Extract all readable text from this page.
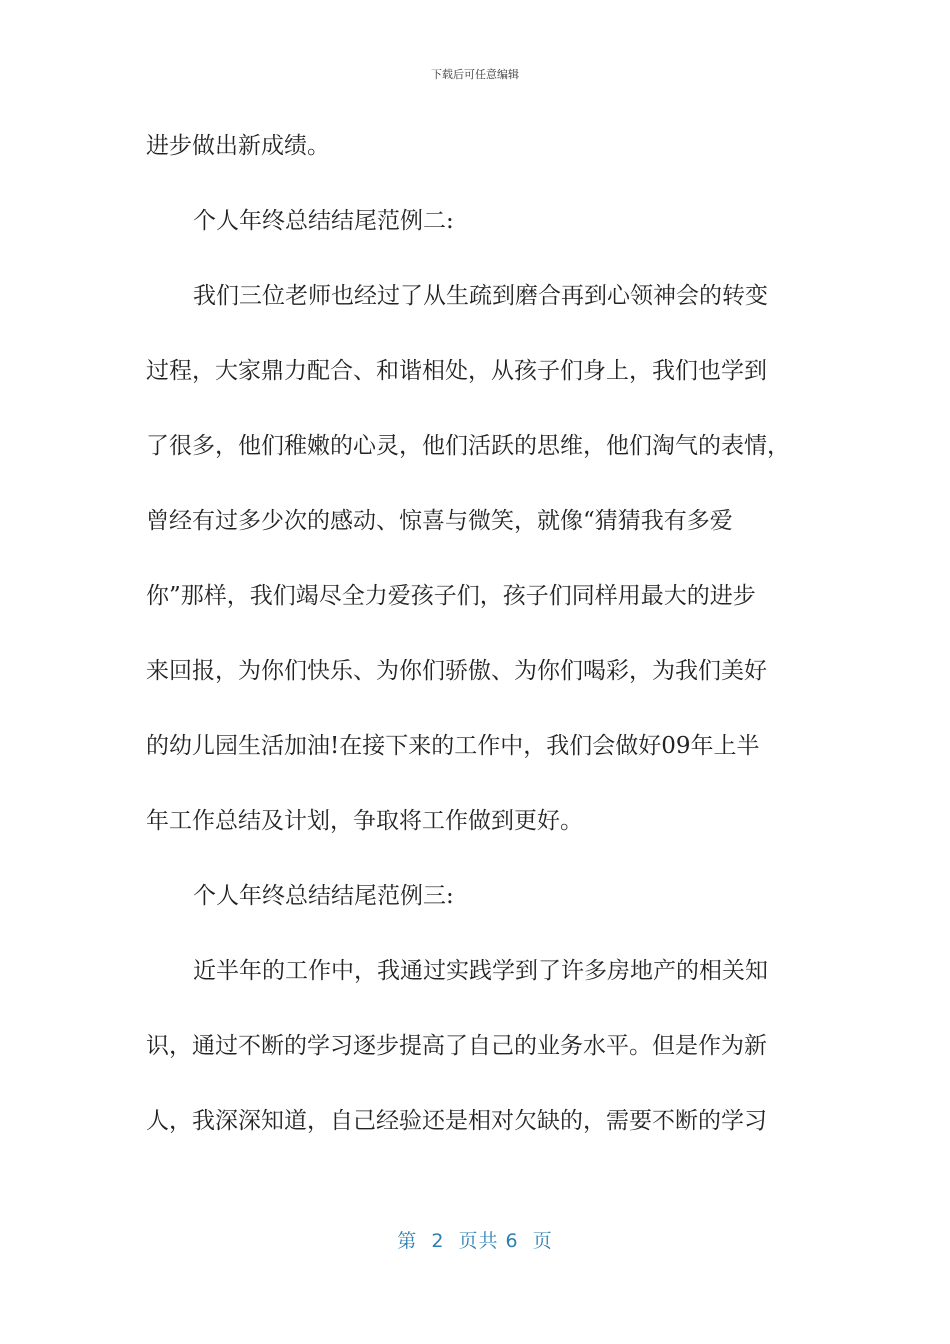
下载后可任意编辑
进步做出新成绩。
个人年终总结结尾范例二:
我们三位老师也经过了从生疏到磨合再到心领神会的转变
过程，大家鼎力配合、和谐相处，从孩子们身上，我们也学到
了很多，他们稚嫩的心灵，他们活跃的思维，他们淘气的表情，
曾经有过多少次的感动、惊喜与微笑，就像“猜猜我有多爱
你”那样，我们竭尽全力爱孩子们，孩子们同样用最大的进步
来回报，为你们快乐、为你们骄傲、为你们喝彩，为我们美好
的幼儿园生活加油!在接下来的工作中，我们会做好09年上半
年工作总结及计划，争取将工作做到更好。
个人年终总结结尾范例三:
近半年的工作中，我通过实践学到了许多房地产的相关知
识，通过不断的学习逐步提高了自己的业务水平。但是作为新
人，我深深知道，自己经验还是相对欠缺的，需要不断的学习
第  2  页共 6  页
